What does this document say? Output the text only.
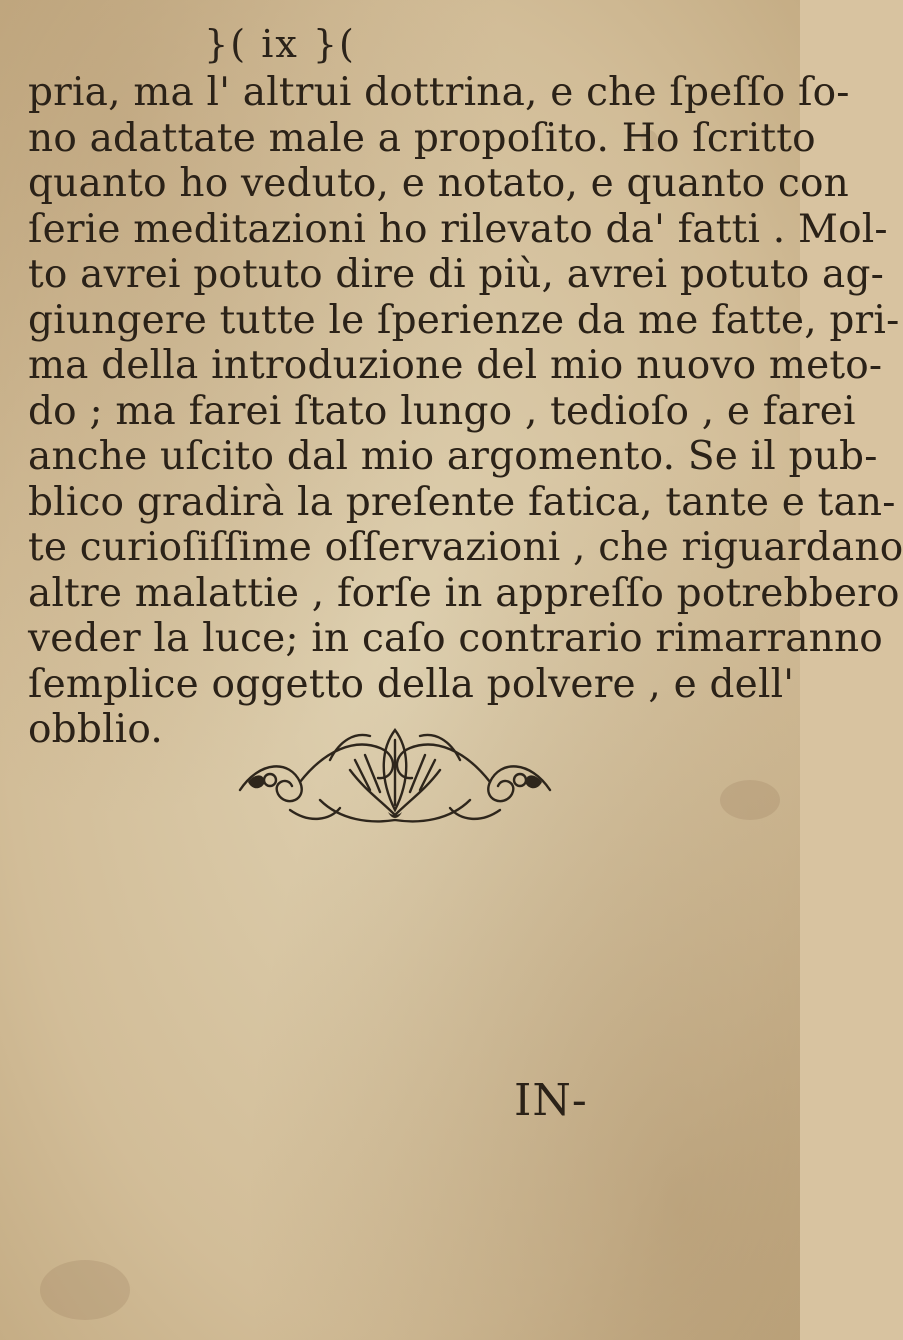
}( ix }(
pria, ma l' altrui dottrina, e che ſpeſſo ſo-
no adattate male a propoſito. Ho ſcritto
quanto ho veduto, e notato, e quanto con
ſerie meditazioni ho rilevato da' fatti . Mol-
to avrei potuto dire di più, avrei potuto ag-
giungere tutte le ſperienze da me fatte, pri-
ma della introduzione del mio nuovo meto-
do ; ma farei ſtato lungo , tedioſo , e farei
anche uſcito dal mio argomento. Se il pub-
blico gradirà la preſente fatica, tante e tan-
te curioſiſſime oſſervazioni , che riguardano
altre malattie , forſe in appreſſo potrebbero
veder la luce; in caſo contrario rimarranno
ſemplice oggetto della polvere , e dell'
obblio.
IN-
